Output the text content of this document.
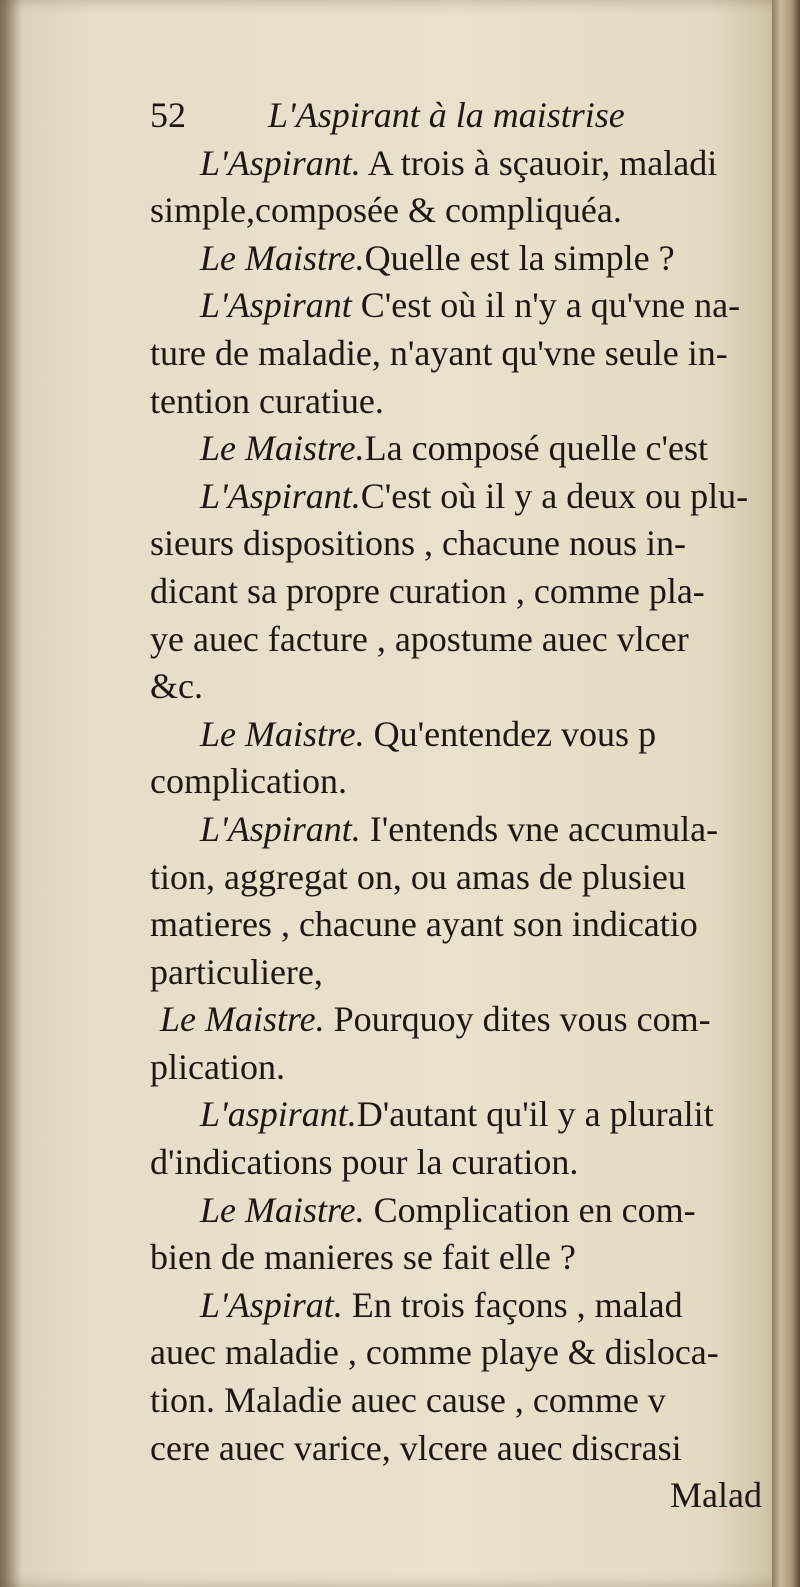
52 L'Aspirant à la maistrise
L'Aspirant. A trois à sçauoir, maladi
simple,composée & compliquéa.
Le Maistre.Quelle est la simple ?
L'Aspirant C'est où il n'y a qu'vne na-
ture de maladie, n'ayant qu'vne seule in-
tention curatiue.
Le Maistre.La composé quelle c'est
L'Aspirant.C'est où il y a deux ou plu-
sieurs dispositions , chacune nous in-
dicant sa propre curation , comme pla-
ye auec facture , apostume auec vlcer
&c.
Le Maistre. Qu'entendez vous p
complication.
L'Aspirant. I'entends vne accumula-
tion, aggregat on, ou amas de plusieu
matieres , chacune ayant son indicatio
particuliere,
Le Maistre. Pourquoy dites vous com-
plication.
L'aspirant.D'autant qu'il y a pluralit
d'indications pour la curation.
Le Maistre. Complication en com-
bien de manieres se fait elle ?
L'Aspirat. En trois façons , malad
auec maladie , comme playe & disloca-
tion. Maladie auec cause , comme v
cere auec varice, vlcere auec discrasi
Malad
